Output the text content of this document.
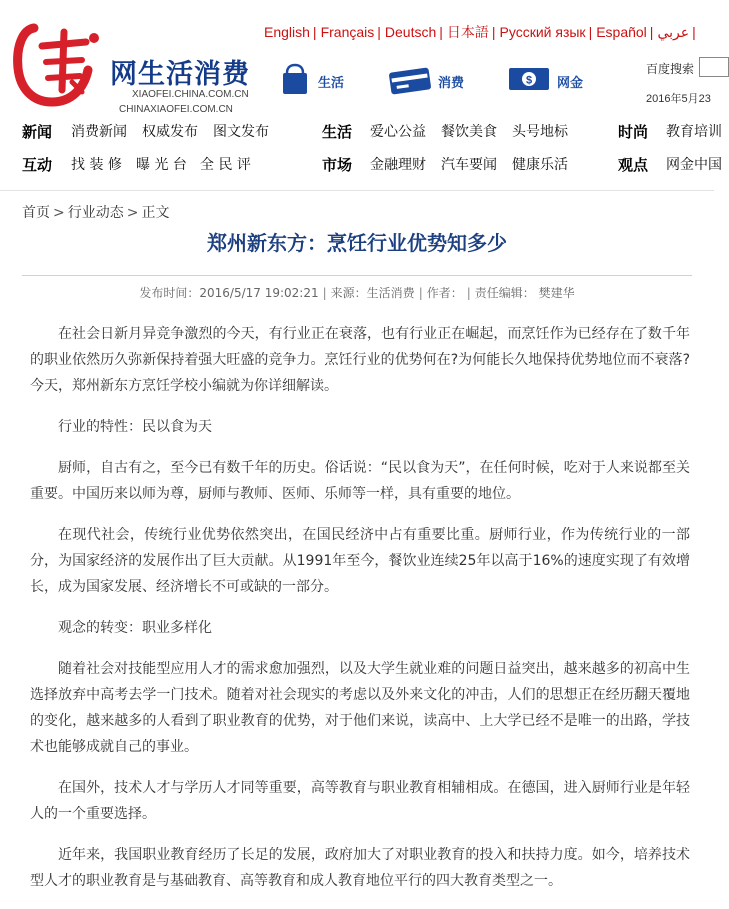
网生活消费
XIAOFEI.CHINA.COM.CN
CHINAXIAOFEI.COM.CN
English | Français | Deutsch | 日本語 | Русский язык | Español | عربي |
生活	消费	$ 网金
百度搜索
2016年5月23
新闻 消费新闻 权威发布 图文发布	生活 爱心公益 餐饮美食 头号地标	时尚 教育培训
互动 找 装 修 曝 光 台 全 民 评	市场 金融理财 汽车要闻 健康乐活	观点 网金中国
首页 > 行业动态 > 正文
郑州新东方：烹饪行业优势知多少
发布时间：2016/5/17 19:02:21 | 来源：生活消费 | 作者： | 责任编辑： 樊建华

在社会日新月异竞争激烈的今天，有行业正在衰落，也有行业正在崛起，而烹饪作为已经存在了数千年的职业依然历久弥新保持着强大旺盛的竞争力。烹饪行业的优势何在?为何能长久地保持优势地位而不衰落?今天，郑州新东方烹饪学校小编就为你详细解读。

行业的特性：民以食为天

厨师，自古有之，至今已有数千年的历史。俗话说：“民以食为天”，在任何时候，吃对于人来说都至关重要。中国历来以师为尊，厨师与教师、医师、乐师等一样，具有重要的地位。

在现代社会，传统行业优势依然突出，在国民经济中占有重要比重。厨师行业，作为传统行业的一部分，为国家经济的发展作出了巨大贡献。从1991年至今，餐饮业连续25年以高于16%的速度实现了有效增长，成为国家发展、经济增长不可或缺的一部分。

观念的转变：职业多样化

随着社会对技能型应用人才的需求愈加强烈，以及大学生就业难的问题日益突出，越来越多的初高中生选择放弃中高考去学一门技术。随着对社会现实的考虑以及外来文化的冲击，人们的思想正在经历翻天覆地的变化，越来越多的人看到了职业教育的优势，对于他们来说，读高中、上大学已经不是唯一的出路，学技术也能够成就自己的事业。

在国外，技术人才与学历人才同等重要，高等教育与职业教育相辅相成。在德国，进入厨师行业是年轻人的一个重要选择。

近年来，我国职业教育经历了长足的发展，政府加大了对职业教育的投入和扶持力度。如今，培养技术型人才的职业教育是与基础教育、高等教育和成人教育地位平行的四大教育类型之一。
